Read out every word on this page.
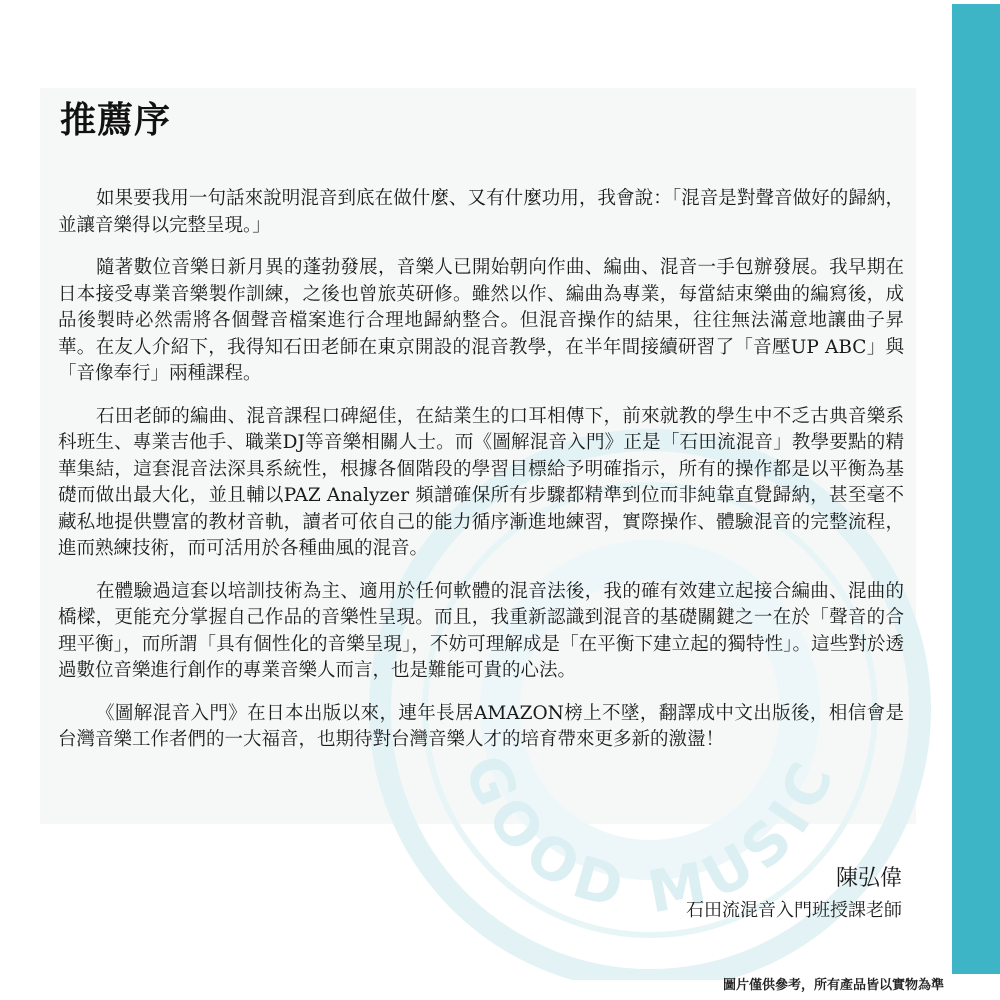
GOOD MUSIC
推薦序

如果要我用一句話來說明混音到底在做什麼、又有什麼功用，我會說：「混音是對聲音做好的歸納，並讓音樂得以完整呈現。」

隨著數位音樂日新月異的蓬勃發展，音樂人已開始朝向作曲、編曲、混音一手包辦發展。我早期在日本接受專業音樂製作訓練，之後也曾旅英研修。雖然以作、編曲為專業，每當結束樂曲的編寫後，成品後製時必然需將各個聲音檔案進行合理地歸納整合。但混音操作的結果，往往無法滿意地讓曲子昇華。在友人介紹下，我得知石田老師在東京開設的混音教學，在半年間接續研習了「音壓UP ABC」與「音像奉行」兩種課程。

石田老師的編曲、混音課程口碑絕佳，在結業生的口耳相傳下，前來就教的學生中不乏古典音樂系科班生、專業吉他手、職業DJ等音樂相關人士。而《圖解混音入門》正是「石田流混音」教學要點的精華集結，這套混音法深具系統性，根據各個階段的學習目標給予明確指示，所有的操作都是以平衡為基礎而做出最大化，並且輔以PAZ Analyzer 頻譜確保所有步驟都精準到位而非純靠直覺歸納，甚至毫不藏私地提供豐富的教材音軌，讀者可依自己的能力循序漸進地練習，實際操作、體驗混音的完整流程，進而熟練技術，而可活用於各種曲風的混音。

在體驗過這套以培訓技術為主、適用於任何軟體的混音法後，我的確有效建立起接合編曲、混曲的橋樑，更能充分掌握自己作品的音樂性呈現。而且，我重新認識到混音的基礎關鍵之一在於「聲音的合理平衡」，而所謂「具有個性化的音樂呈現」，不妨可理解成是「在平衡下建立起的獨特性」。這些對於透過數位音樂進行創作的專業音樂人而言，也是難能可貴的心法。

《圖解混音入門》在日本出版以來，連年長居AMAZON榜上不墜，翻譯成中文出版後，相信會是台灣音樂工作者們的一大福音，也期待對台灣音樂人才的培育帶來更多新的激盪！

陳弘偉
石田流混音入門班授課老師
圖片僅供參考，所有產品皆以實物為準
